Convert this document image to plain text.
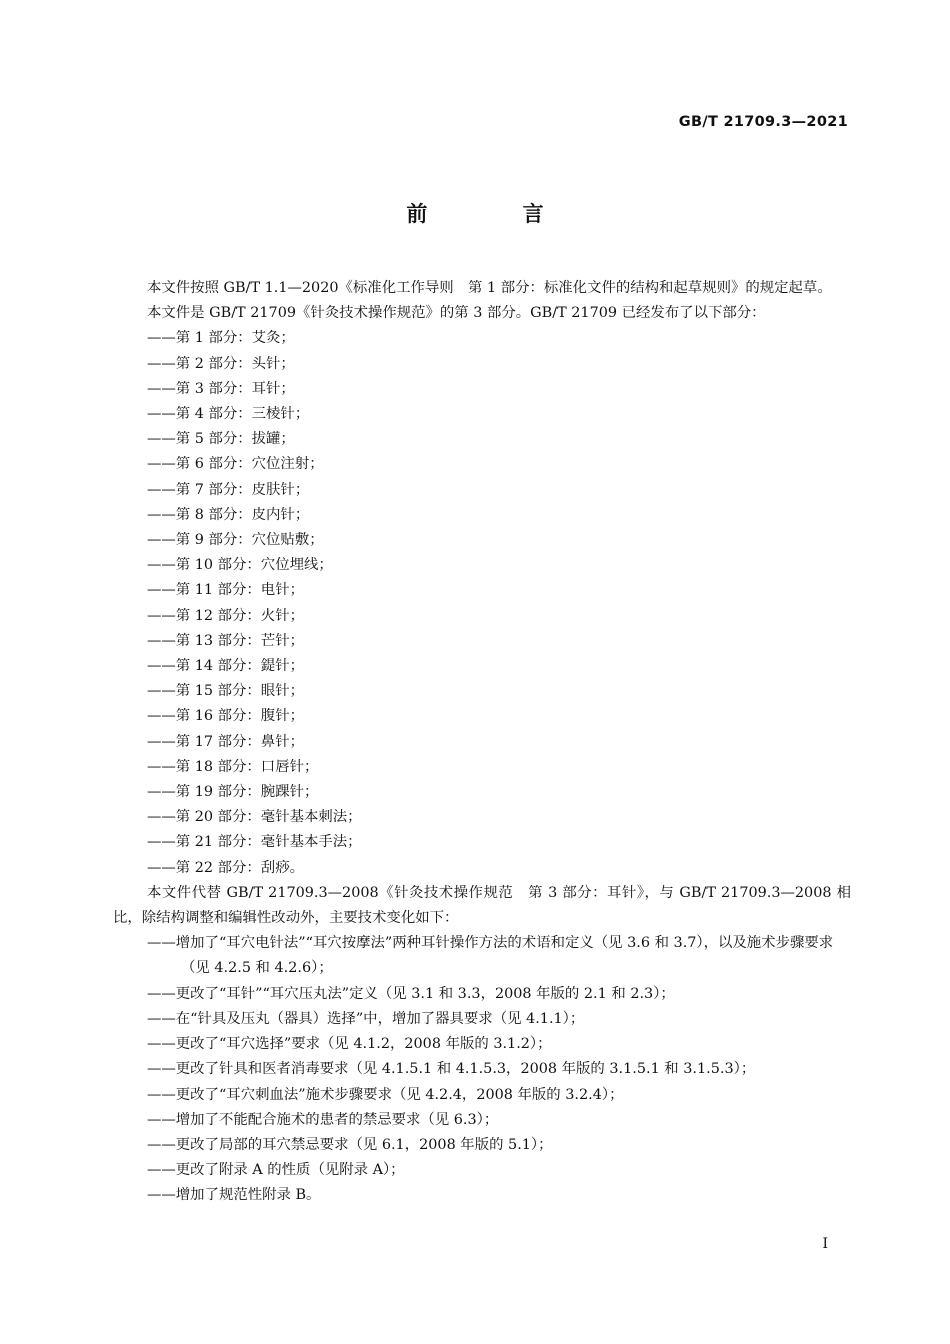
GB/T 21709.3—2021
前 言

本文件按照 GB/T 1.1—2020《标准化工作导则　第 1 部分：标准化文件的结构和起草规则》的规定起草。

本文件是 GB/T 21709《针灸技术操作规范》的第 3 部分。GB/T 21709 已经发布了以下部分：

——第 1 部分：艾灸；

——第 2 部分：头针；

——第 3 部分：耳针；

——第 4 部分：三棱针；

——第 5 部分：拔罐；

——第 6 部分：穴位注射；

——第 7 部分：皮肤针；

——第 8 部分：皮内针；

——第 9 部分：穴位贴敷；

——第 10 部分：穴位埋线；

——第 11 部分：电针；

——第 12 部分：火针；

——第 13 部分：芒针；

——第 14 部分：鍉针；

——第 15 部分：眼针；

——第 16 部分：腹针；

——第 17 部分：鼻针；

——第 18 部分：口唇针；

——第 19 部分：腕踝针；

——第 20 部分：毫针基本刺法；

——第 21 部分：毫针基本手法；

——第 22 部分：刮痧。

本文件代替 GB/T 21709.3—2008《针灸技术操作规范　第 3 部分：耳针》，与 GB/T 21709.3—2008 相比，除结构调整和编辑性改动外，主要技术变化如下：

——增加了“耳穴电针法”“耳穴按摩法”两种耳针操作方法的术语和定义（见 3.6 和 3.7），以及施术步骤要求（见 4.2.5 和 4.2.6）；

——更改了“耳针”“耳穴压丸法”定义（见 3.1 和 3.3，2008 年版的 2.1 和 2.3）；

——在“针具及压丸（器具）选择”中，增加了器具要求（见 4.1.1）；

——更改了“耳穴选择”要求（见 4.1.2，2008 年版的 3.1.2）；

——更改了针具和医者消毒要求（见 4.1.5.1 和 4.1.5.3，2008 年版的 3.1.5.1 和 3.1.5.3）；

——更改了“耳穴刺血法”施术步骤要求（见 4.2.4，2008 年版的 3.2.4）；

——增加了不能配合施术的患者的禁忌要求（见 6.3）；

——更改了局部的耳穴禁忌要求（见 6.1，2008 年版的 5.1）；

——更改了附录 A 的性质（见附录 A）；

——增加了规范性附录 B。

I
